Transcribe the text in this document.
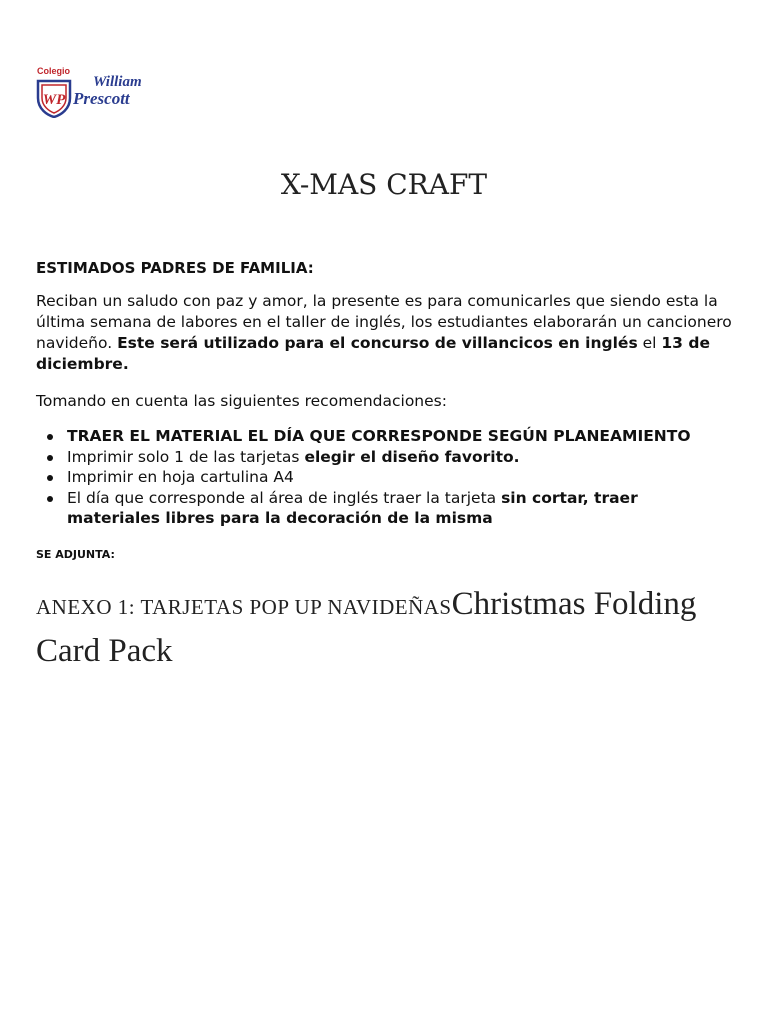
Colegio
WP
William
Prescott
X-MAS CRAFT

ESTIMADOS PADRES DE FAMILIA:

Reciban un saludo con paz y amor, la presente es para comunicarles que siendo esta la última semana de labores en el taller de inglés, los estudiantes elaborarán un cancionero navideño. Este será utilizado para el concurso de villancicos en inglés el 13 de diciembre.

Tomando en cuenta las siguientes recomendaciones:

TRAER EL MATERIAL EL DÍA QUE CORRESPONDE SEGÚN PLANEAMIENTO
Imprimir solo 1 de las tarjetas elegir el diseño favorito.
Imprimir en hoja cartulina A4
El día que corresponde al área de inglés traer la tarjeta sin cortar, traer materiales libres para la decoración de la misma

SE ADJUNTA:

ANEXO 1: TARJETAS POP UP NAVIDEÑASChristmas Folding Card Pack
